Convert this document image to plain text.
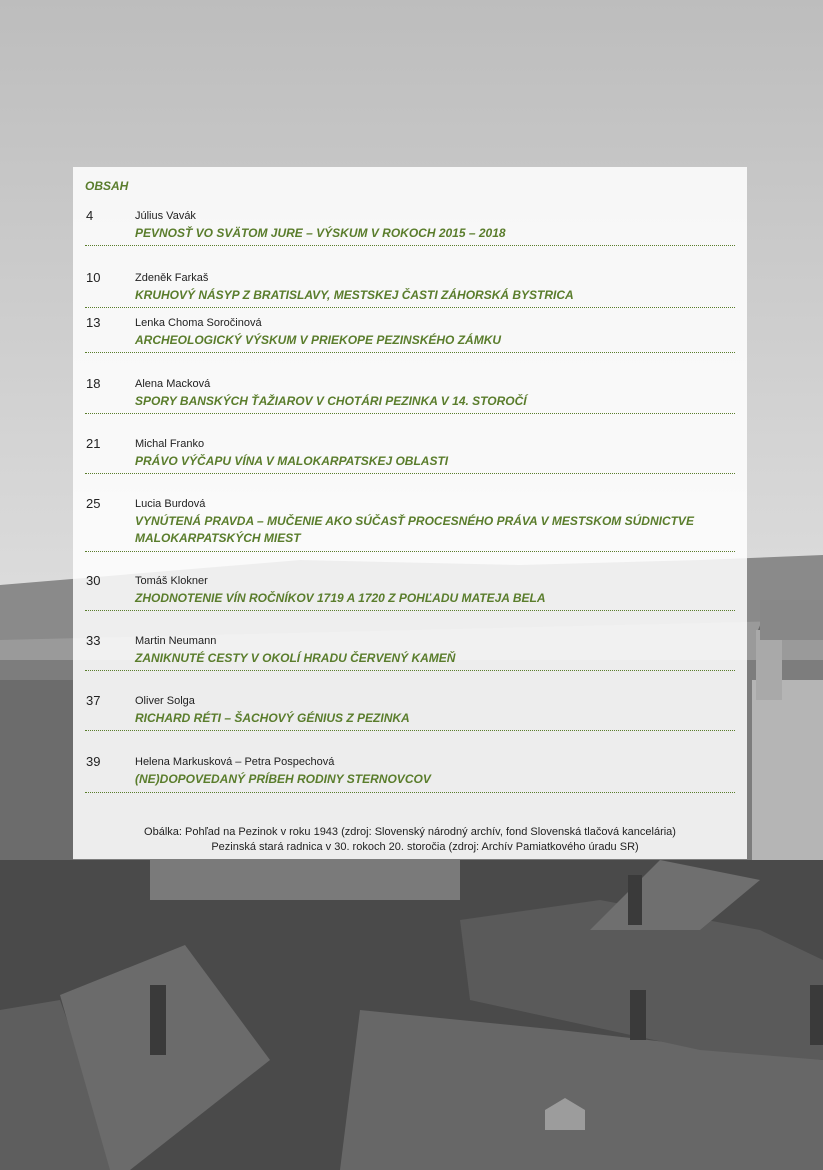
OBSAH
4	Július Vavák
PEVNOSŤ VO SVÄTOM JURE – VÝSKUM V ROKOCH 2015 – 2018
10	Zdeněk Farkaš
KRUHOVÝ NÁSYP Z BRATISLAVY, MESTSKEJ ČASTI ZÁHORSKÁ BYSTRICA
13	Lenka Choma Soročinová
ARCHEOLOGICKÝ VÝSKUM V PRIEKOPE PEZINSKÉHO ZÁMKU
18	Alena Macková
SPORY BANSKÝCH ŤAŽIAROV V CHOTÁRI PEZINKA V 14. STOROČÍ
21	Michal Franko
PRÁVO VÝČAPU VÍNA V MALOKARPATSKEJ OBLASTI
25	Lucia Burdová
VYNÚTENÁ PRAVDA – MUČENIE AKO SÚČASŤ PROCESNÉHO PRÁVA V MESTSKOM SÚDNICTVE MALOKARPATSKÝCH MIEST
30	Tomáš Klokner
ZHODNOTENIE VÍN ROČNÍKOV 1719 A 1720 Z POHĽADU MATEJA BELA
33	Martin Neumann
ZANIKNUTÉ CESTY V OKOLÍ HRADU ČERVENÝ KAMEŇ
37	Oliver Solga
RICHARD RÉTI – ŠACHOVÝ GÉNIUS Z PEZINKA
39	Helena Markusková – Petra Pospechová
(NE)DOPOVEDANÝ PRÍBEH RODINY STERNOVCOV
Obálka: Pohľad na Pezinok v roku 1943 (zdroj: Slovenský národný archív, fond Slovenská tlačová kancelária)
Pezinská stará radnica v 30. rokoch 20. storočia (zdroj: Archív Pamiatkového úradu SR)
